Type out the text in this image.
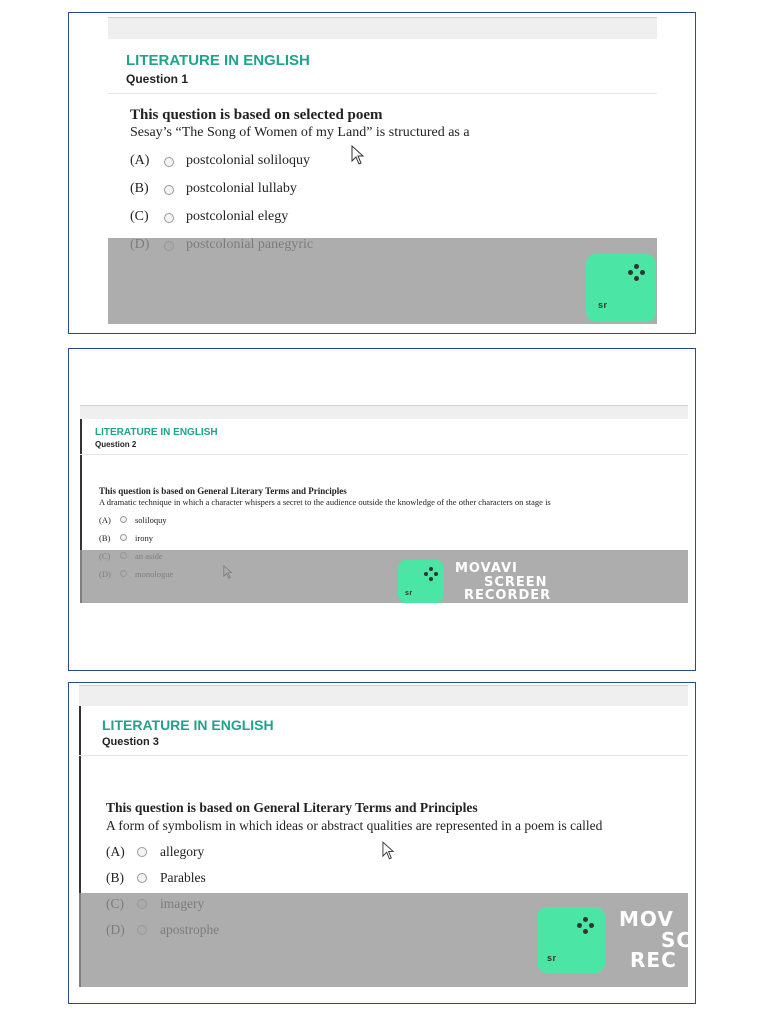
LITERATURE IN ENGLISH
Question 1
This question is based on selected poem
Sesay’s “The Song of Women of my Land” is structured as a
(A)	postcolonial soliloquy
(B)	postcolonial lullaby
(C)	postcolonial elegy
sr
LITERATURE IN ENGLISH
Question 2
This question is based on General Literary Terms and Principles
A dramatic technique in which a character whispers a secret to the audience outside the knowledge of the other characters on stage is
(A)	soliloquy
(B)	irony
sr
MOVAVI
SCREEN
RECORDER
LITERATURE IN ENGLISH
Question 3
This question is based on General Literary Terms and Principles
A form of symbolism in which ideas or abstract qualities are represented in a poem is called
(A)	allegory
(B)	Parables
sr
MOV
SC
REC
